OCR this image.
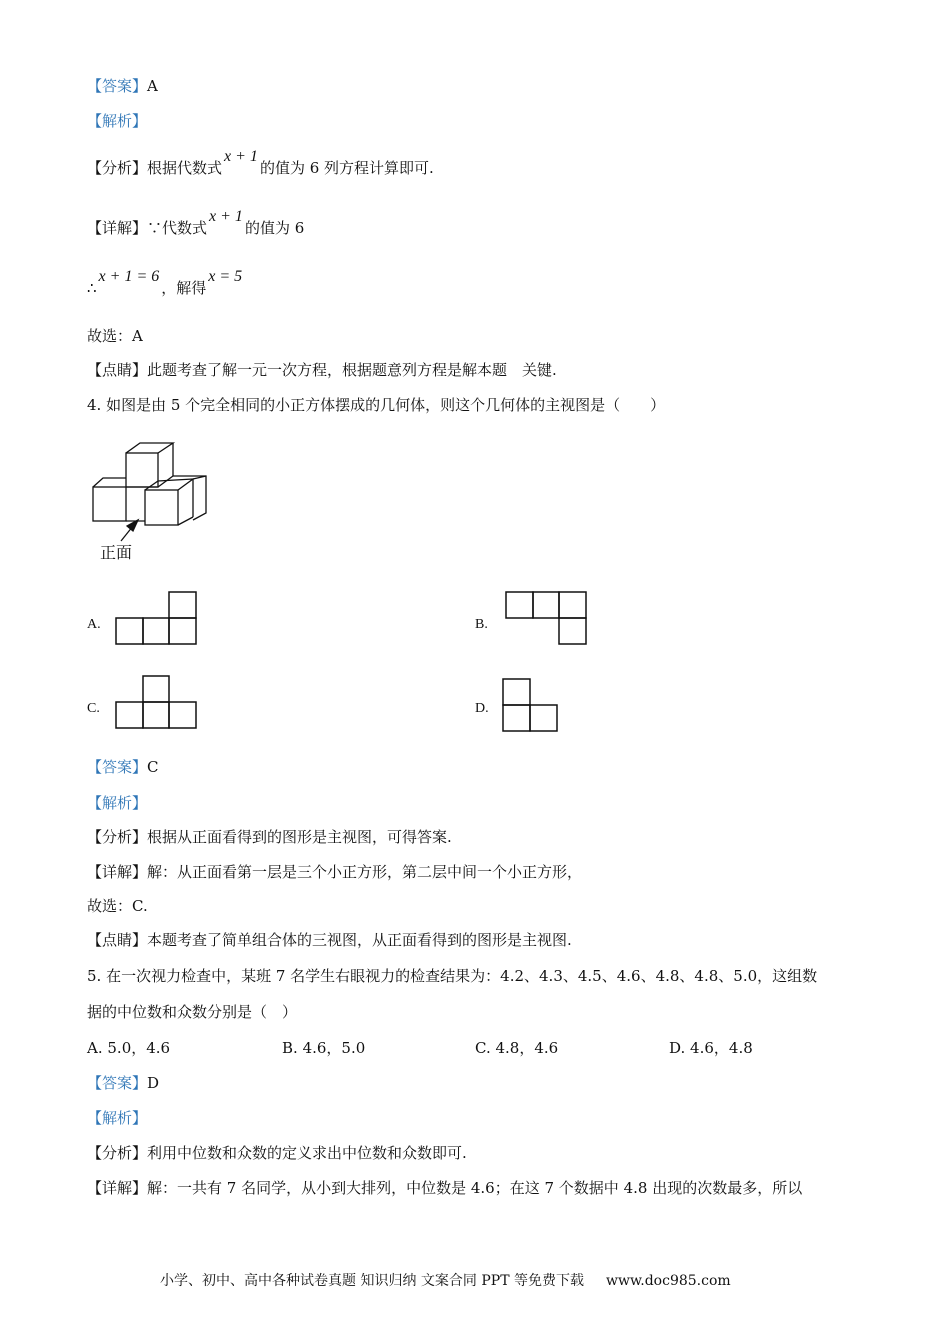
【答案】A
【解析】
【分析】根据代数式x + 1的值为 6 列方程计算即可.
【详解】∵代数式x + 1的值为 6
∴x + 1 = 6，解得x = 5
故选：A
【点睛】此题考查了解一元一次方程，根据题意列方程是解本题　关键.
4. 如图是由 5 个完全相同的小正方体摆成的几何体，则这个几何体的主视图是（　　）
正面
A.	B.
C.	D.
【答案】C
【解析】
【分析】根据从正面看得到的图形是主视图，可得答案.
【详解】解：从正面看第一层是三个小正方形，第二层中间一个小正方形，
故选：C.
【点睛】本题考查了简单组合体的三视图，从正面看得到的图形是主视图.
5. 在一次视力检查中，某班 7 名学生右眼视力的检查结果为：4.2、4.3、4.5、4.6、4.8、4.8、5.0，这组数
据的中位数和众数分别是（　）
A. 5.0，4.6	B. 4.6，5.0	C. 4.8，4.6	D. 4.6，4.8
【答案】D
【解析】
【分析】利用中位数和众数的定义求出中位数和众数即可.
【详解】解：一共有 7 名同学，从小到大排列，中位数是 4.6；在这 7 个数据中 4.8 出现的次数最多，所以
小学、初中、高中各种试卷真题 知识归纳 文案合同 PPT 等免费下载 www.doc985.com
